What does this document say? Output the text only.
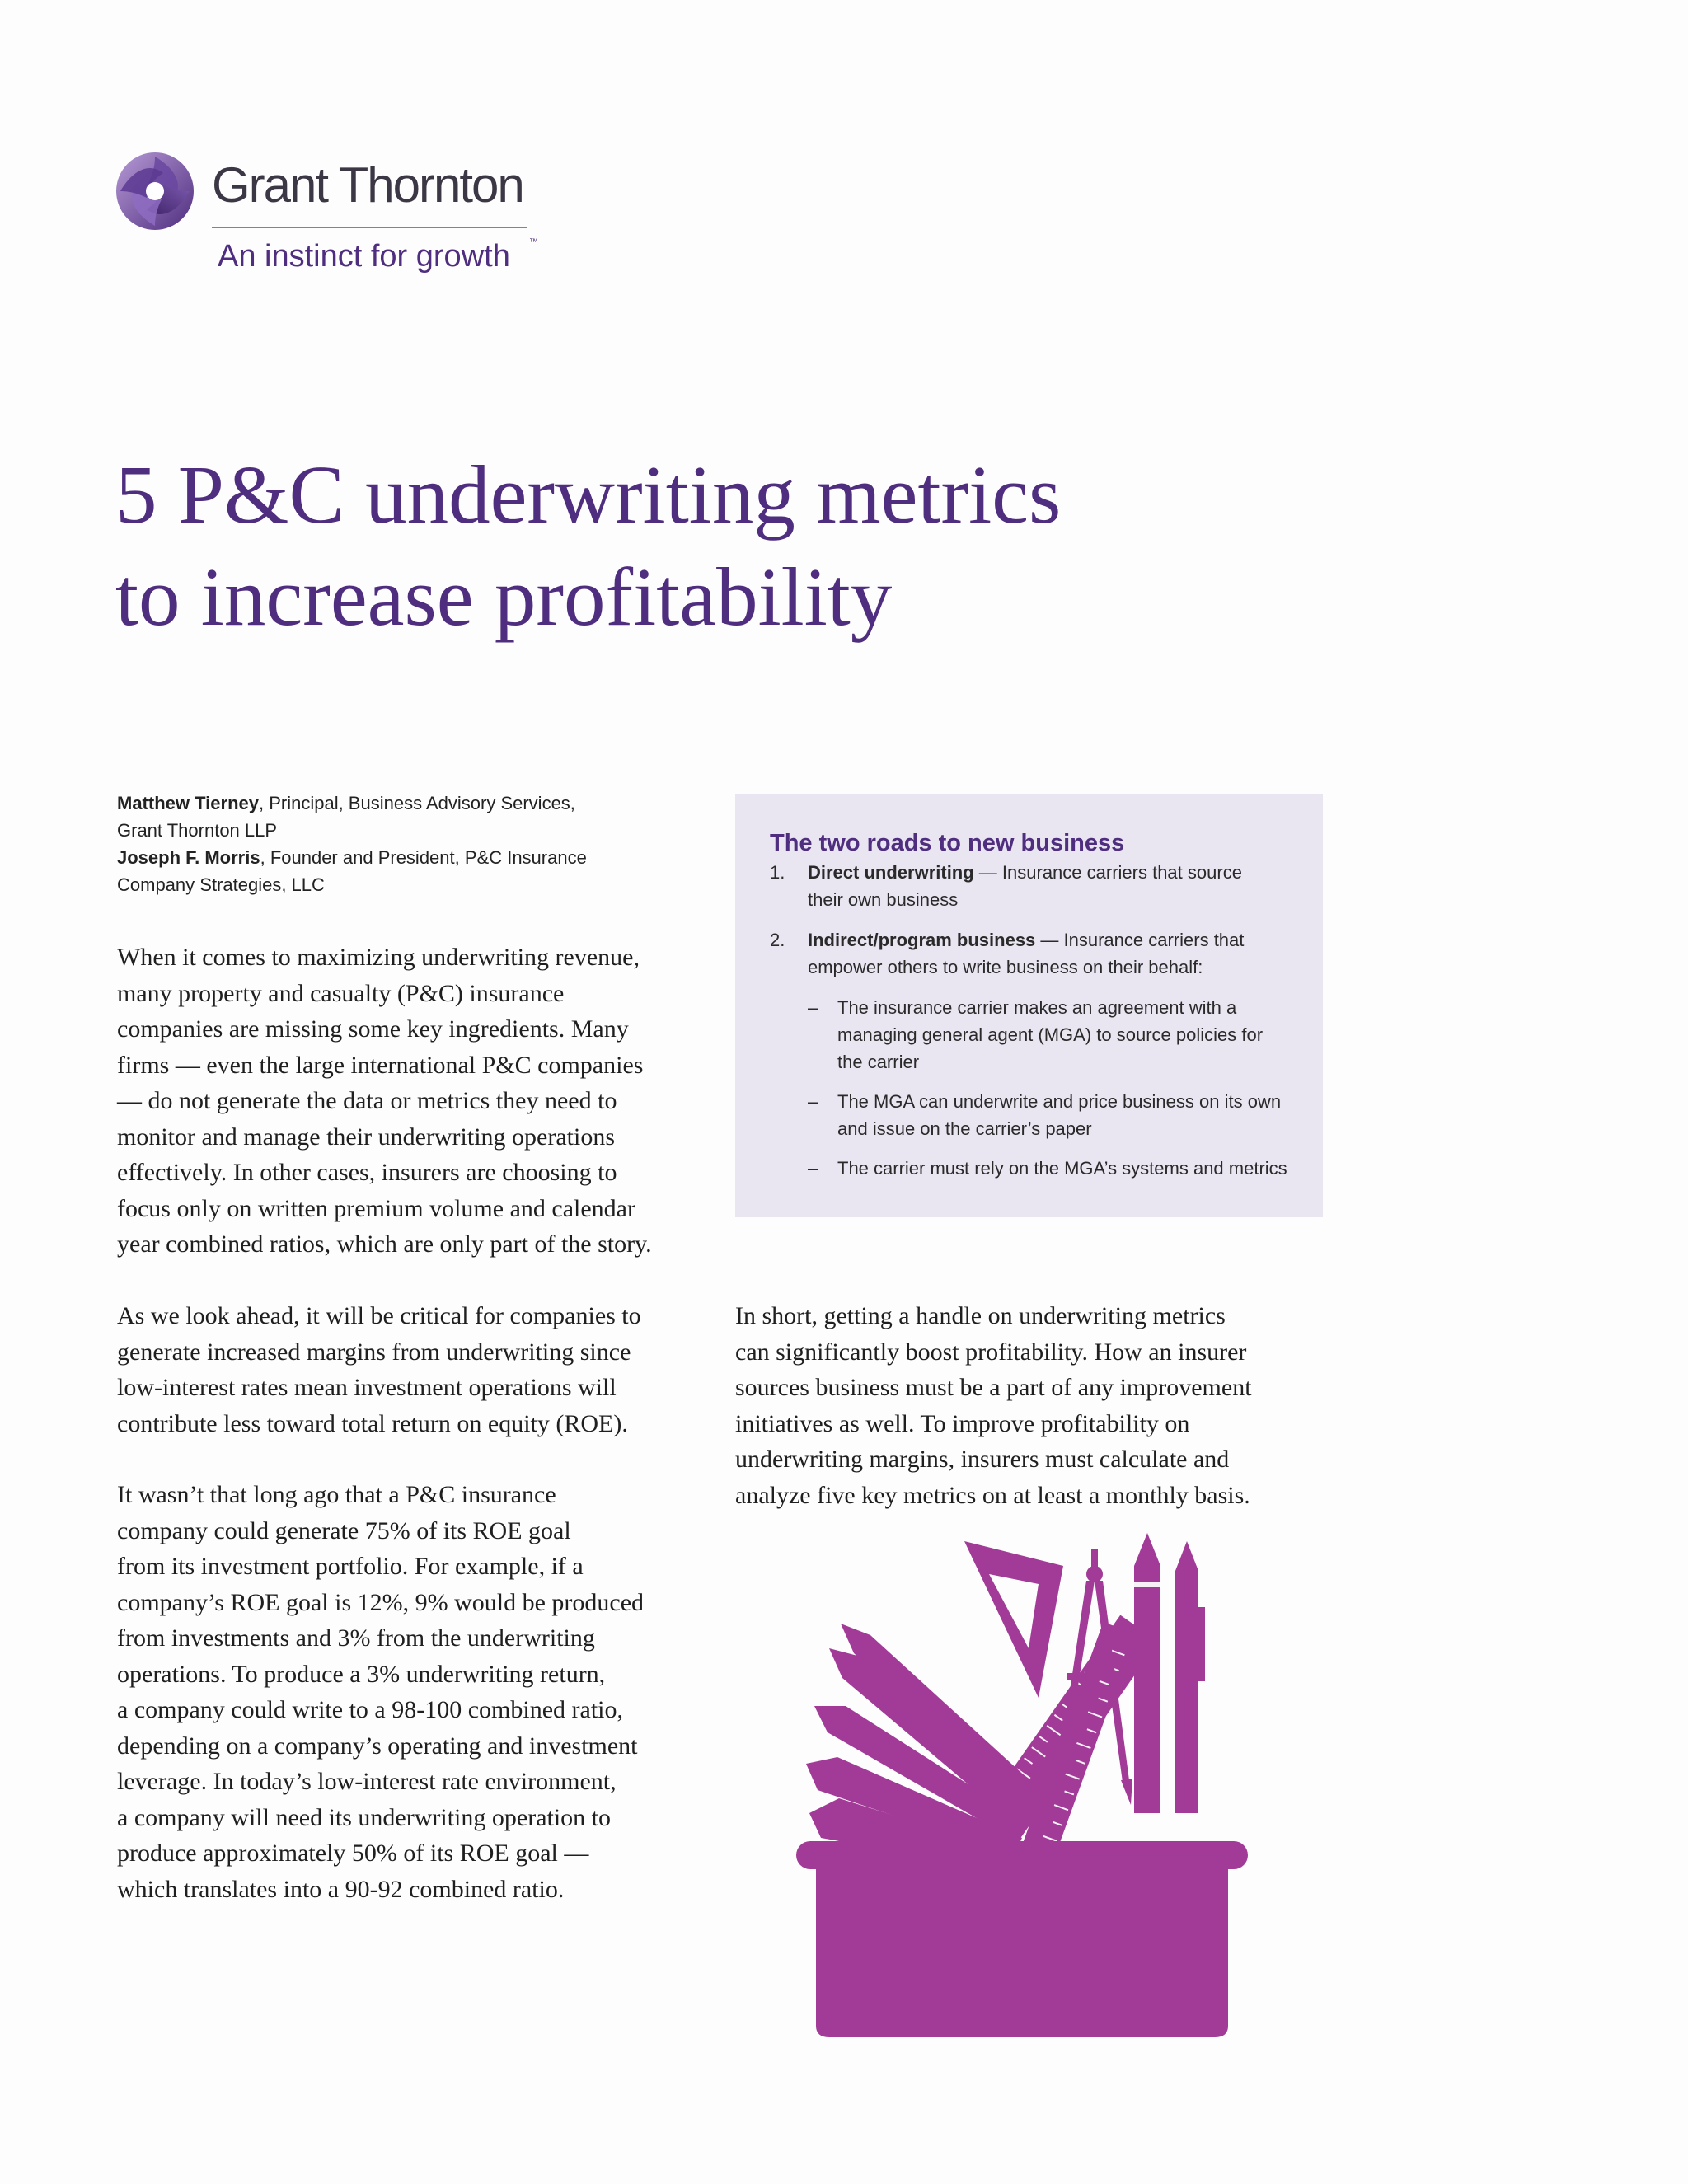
Grant Thornton
An instinct for growth ™
5 P&C underwriting metrics
to increase profitability

Matthew Tierney, Principal, Business Advisory Services,

Grant Thornton LLP

Joseph F. Morris, Founder and President, P&C Insurance

Company Strategies, LLC

When it comes to maximizing underwriting revenue,
many property and casualty (P&C) insurance
companies are missing some key ingredients. Many
firms — even the large international P&C companies
— do not generate the data or metrics they need to
monitor and manage their underwriting operations
effectively. In other cases, insurers are choosing to
focus only on written premium volume and calendar
year combined ratios, which are only part of the story.

As we look ahead, it will be critical for companies to
generate increased margins from underwriting since
low-interest rates mean investment operations will
contribute less toward total return on equity (ROE).

It wasn’t that long ago that a P&C insurance
company could generate 75% of its ROE goal
from its investment portfolio. For example, if a
company’s ROE goal is 12%, 9% would be produced
from investments and 3% from the underwriting
operations. To produce a 3% underwriting return,
a company could write to a 98-100 combined ratio,
depending on a company’s operating and investment
leverage. In today’s low-interest rate environment,
a company will need its underwriting operation to
produce approximately 50% of its ROE goal —
which translates into a 90-92 combined ratio.

The two roads to new business
1. Direct underwriting — Insurance carriers that source
their own business
2. Indirect/program business — Insurance carriers that
empower others to write business on their behalf:
– The insurance carrier makes an agreement with a
managing general agent (MGA) to source policies for
the carrier
– The MGA can underwrite and price business on its own
and issue on the carrier’s paper
– The carrier must rely on the MGA’s systems and metrics

In short, getting a handle on underwriting metrics
can significantly boost profitability. How an insurer
sources business must be a part of any improvement
initiatives as well. To improve profitability on
underwriting margins, insurers must calculate and
analyze five key metrics on at least a monthly basis.
